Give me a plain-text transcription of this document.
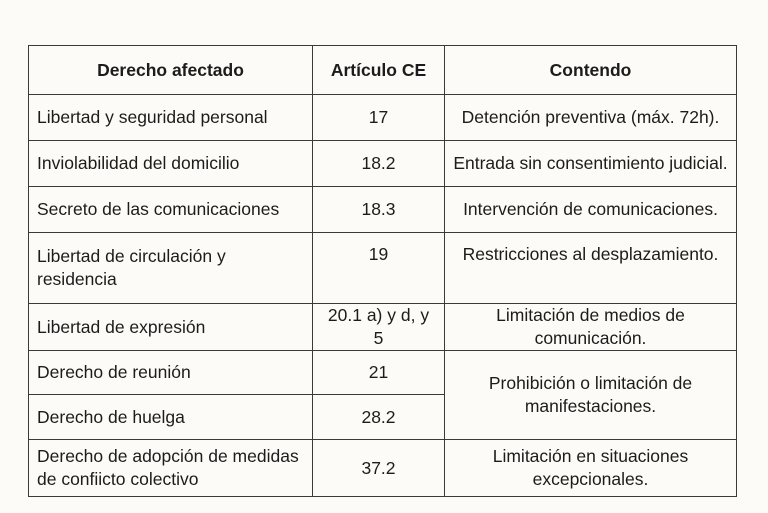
Derecho afectado	Artículo CE	Contendo
Libertad y seguridad personal	17	Detención preventiva (máx. 72h).
Inviolabilidad del domicilio	18.2	Entrada sin consentimiento judicial.
Secreto de las comunicaciones	18.3	Intervención de comunicaciones.
Libertad de circulación y residencia	19	Restricciones al desplazamiento.
Libertad de expresión	20.1 a) y d, y 5	Limitación de medios de comunicación.
Derecho de reunión	21	Prohibición o limitación de manifestaciones.
Derecho de huelga	28.2	
Derecho de adopción de medidas de confiicto colectivo	37.2	Limitación en situaciones excepcionales.
